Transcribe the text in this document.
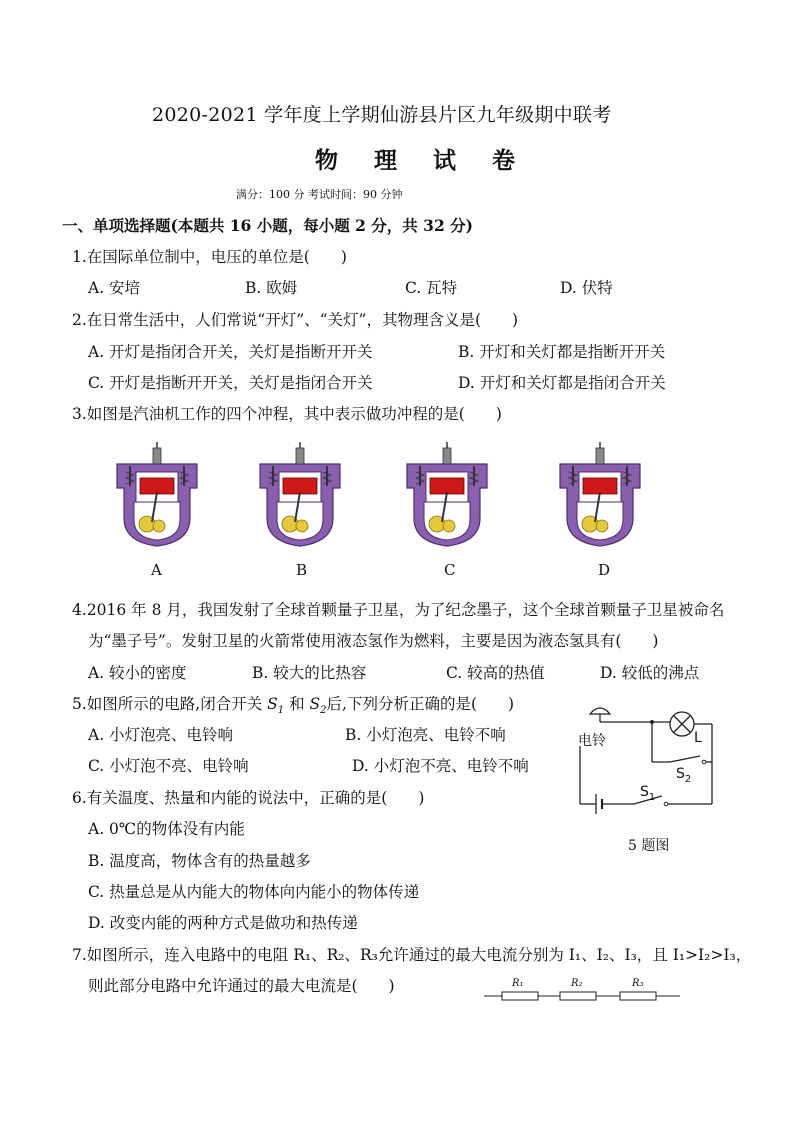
2020-2021 学年度上学期仙游县片区九年级期中联考
物 理 试 卷
满分：100 分 考试时间：90 分钟
一、单项选择题(本题共 16 小题，每小题 2 分，共 32 分)
1.在国际单位制中，电压的单位是(　　)
A. 安培	B. 欧姆	C. 瓦特	D. 伏特
2.在日常生活中，人们常说“开灯”、“关灯”，其物理含义是(　　)
A. 开灯是指闭合开关，关灯是指断开开关	B. 开灯和关灯都是指断开开关
C. 开灯是指断开开关，关灯是指闭合开关	D. 开灯和关灯都是指闭合开关
3.如图是汽油机工作的四个冲程，其中表示做功冲程的是(　　)
A	B	C	D
4.2016 年 8 月，我国发射了全球首颗量子卫星，为了纪念墨子，这个全球首颗量子卫星被命名
为“墨子号”。发射卫星的火箭常使用液态氢作为燃料，主要是因为液态氢具有(　　)
A. 较小的密度	B. 较大的比热容	C. 较高的热值	D. 较低的沸点
5.如图所示的电路,闭合开关 $S_1$ 和 $S_2$后,下列分析正确的是(　　)
A. 小灯泡亮、电铃响	B. 小灯泡亮、电铃不响
C. 小灯泡不亮、电铃响	D. 小灯泡不亮、电铃不响
电铃	L
$S_2$
$S_1$
5 题图
6.有关温度、热量和内能的说法中，正确的是(　　)
A. 0℃的物体没有内能
B. 温度高，物体含有的热量越多
C. 热量总是从内能大的物体向内能小的物体传递
D. 改变内能的两种方式是做功和热传递
7.如图所示，连入电路中的电阻 R₁、R₂、R₃允许通过的最大电流分别为 I₁、I₂、I₃，且 I₁>I₂>I₃，
则此部分电路中允许通过的最大电流是(　　)	R₁	R₂	R₃
